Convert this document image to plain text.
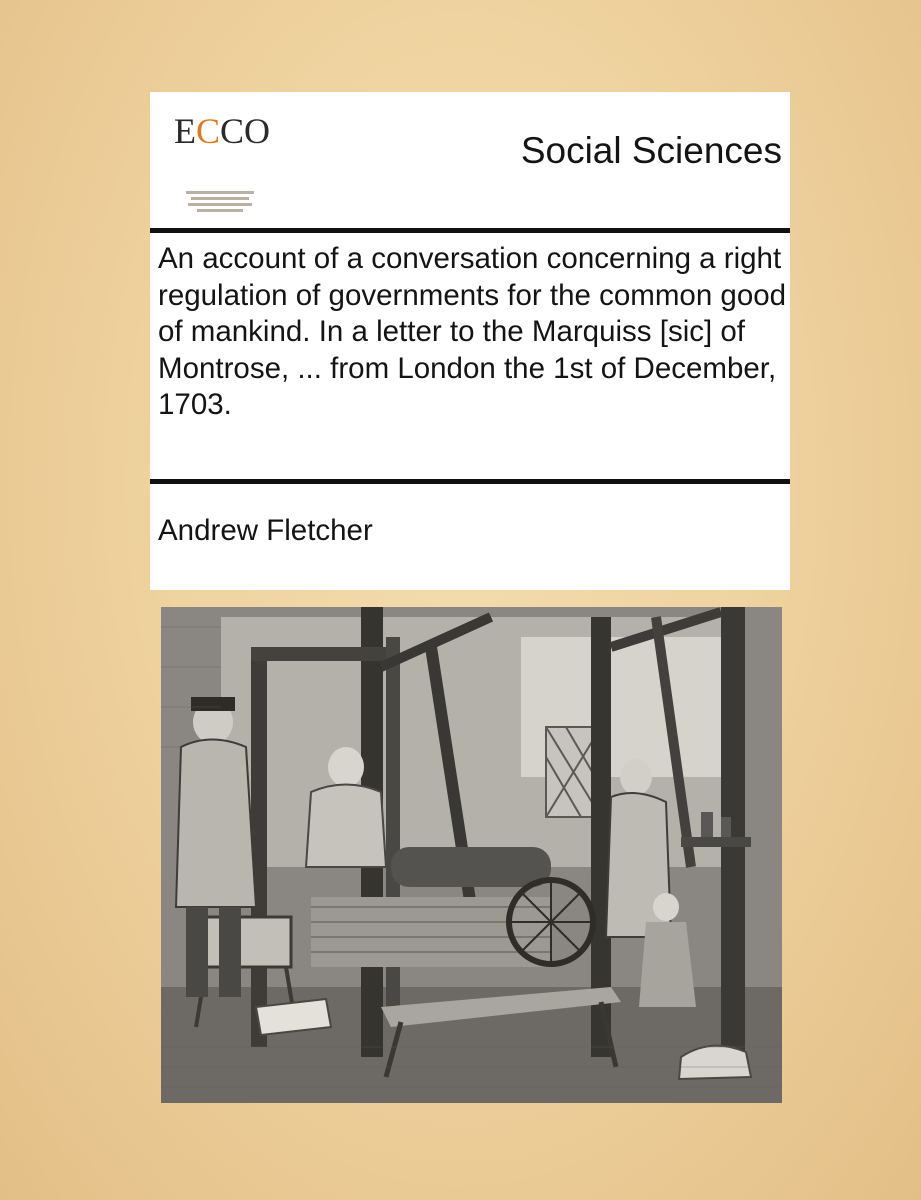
ECCO	Social Sciences
An account of a conversation concerning a right regulation of governments for the common good of mankind. In a letter to the Marquiss [sic] of Montrose, ... from London the 1st of December, 1703.
Andrew Fletcher
